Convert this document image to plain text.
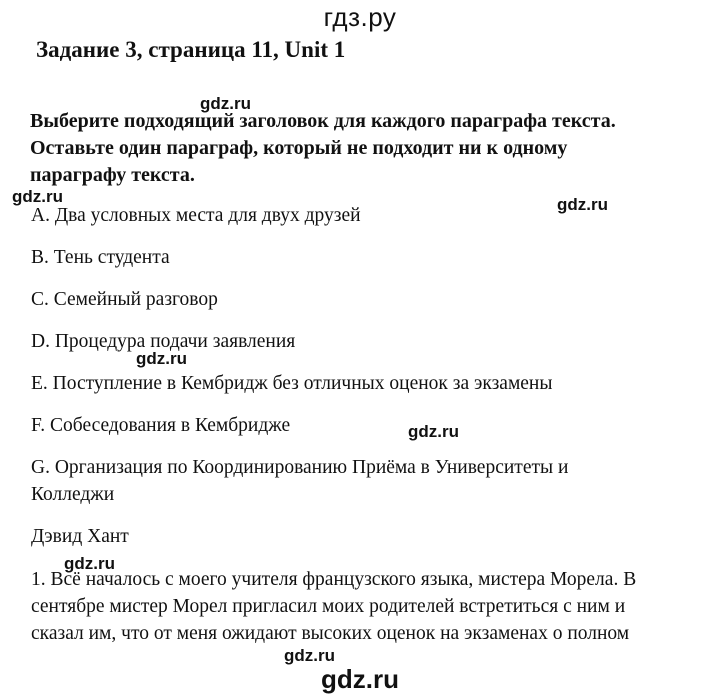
гдз.ру
Задание 3, страница 11, Unit 1
gdz.ru
Выберите подходящий заголовок для каждого параграфа текста.
Оставьте один параграф, который не подходит ни к одному
параграфу текста.
gdz.ru	gdz.ru
A. Два условных места для двух друзей
B. Тень студента
C. Семейный разговор
D. Процедура подачи заявления
gdz.ru
E. Поступление в Кембридж без отличных оценок за экзамены
F. Собеседования в Кембридже	gdz.ru
G. Организация по Координированию Приёма в Университеты и
Колледжи
Дэвид Хант
gdz.ru
1. Всё началось с моего учителя французского языка, мистера Морела. В
сентябре мистер Морел пригласил моих родителей встретиться с ним и
сказал им, что от меня ожидают высоких оценок на экзаменах о полном
gdz.ru
gdz.ru
